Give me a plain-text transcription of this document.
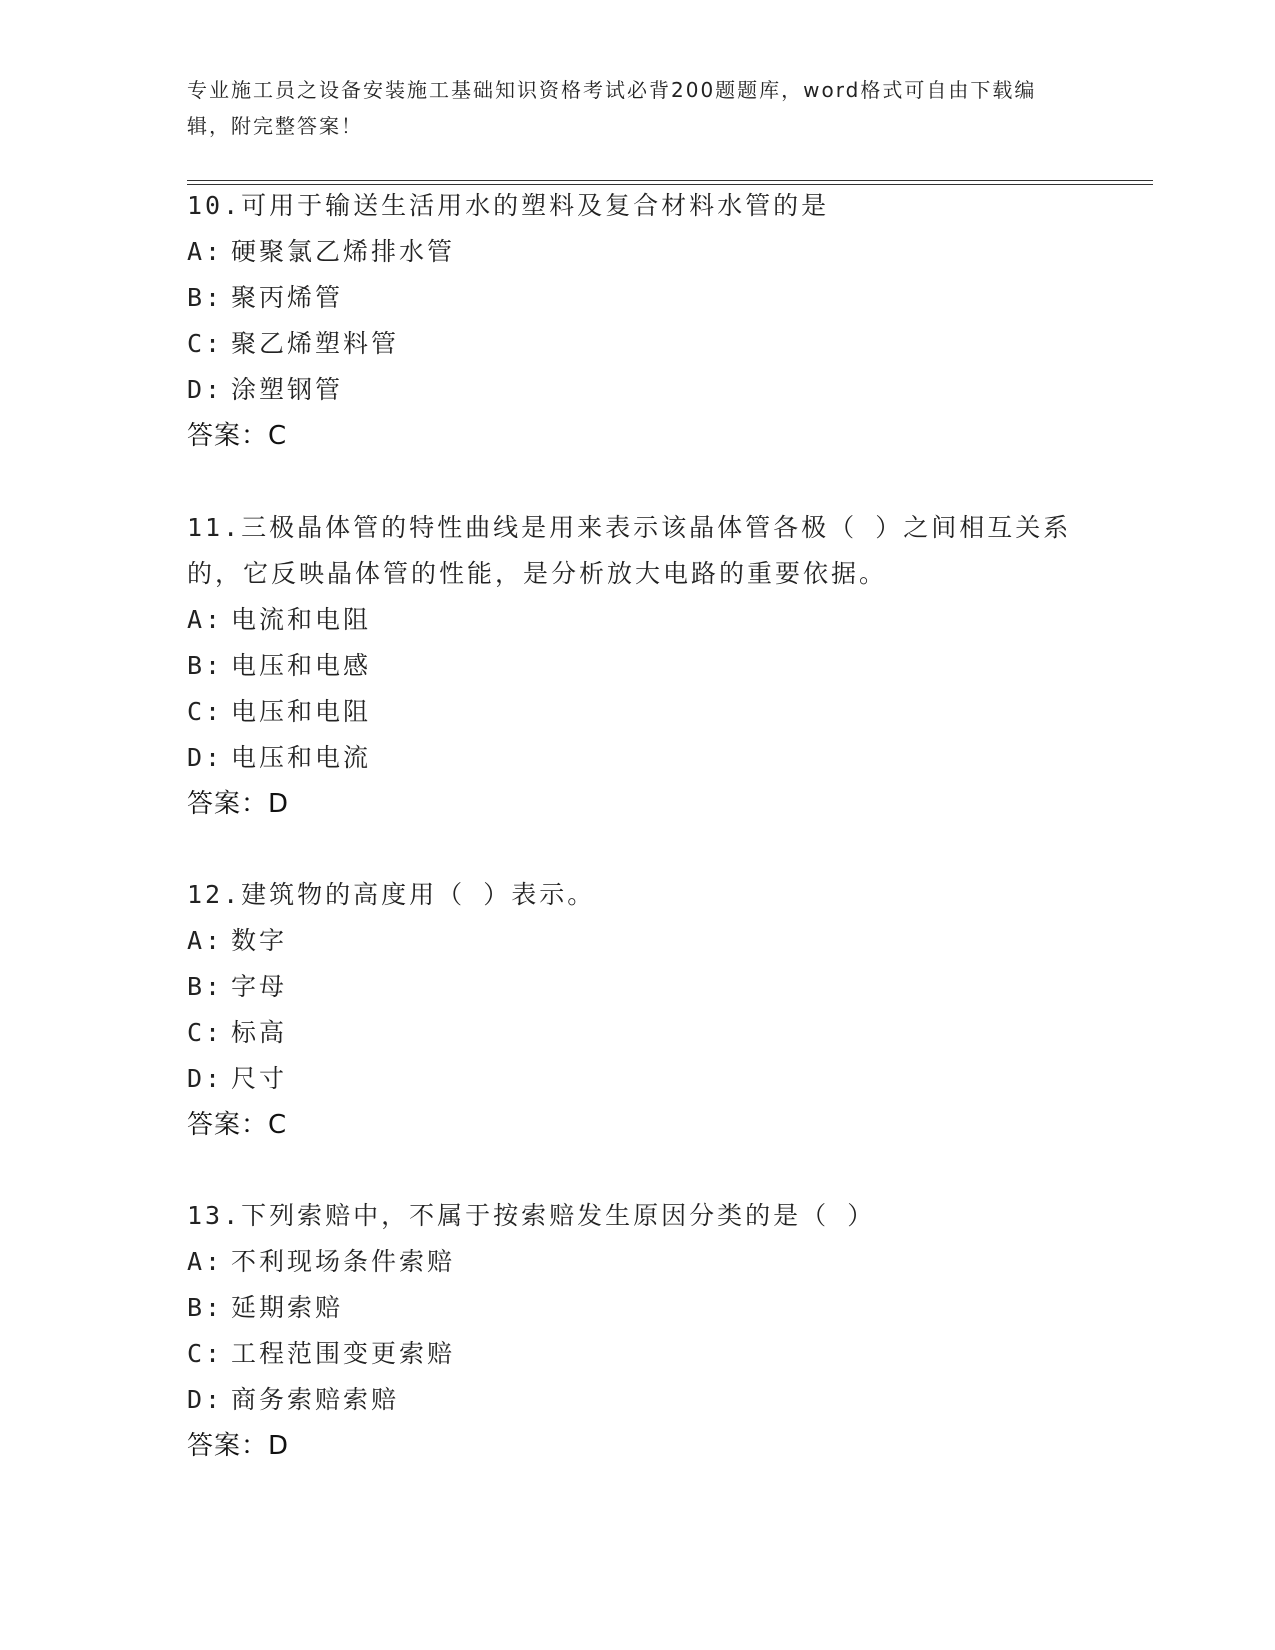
专业施工员之设备安装施工基础知识资格考试必背200题题库，word格式可自由下载编辑，附完整答案！
10.可用于输送生活用水的塑料及复合材料水管的是
A: 硬聚氯乙烯排水管
B: 聚丙烯管
C: 聚乙烯塑料管
D: 涂塑钢管
答案：C
11.三极晶体管的特性曲线是用来表示该晶体管各极（ ）之间相互关系的，它反映晶体管的性能，是分析放大电路的重要依据。
A: 电流和电阻
B: 电压和电感
C: 电压和电阻
D: 电压和电流
答案：D
12.建筑物的高度用（ ）表示。
A: 数字
B: 字母
C: 标高
D: 尺寸
答案：C
13.下列索赔中，不属于按索赔发生原因分类的是（ ）
A: 不利现场条件索赔
B: 延期索赔
C: 工程范围变更索赔
D: 商务索赔索赔
答案：D
